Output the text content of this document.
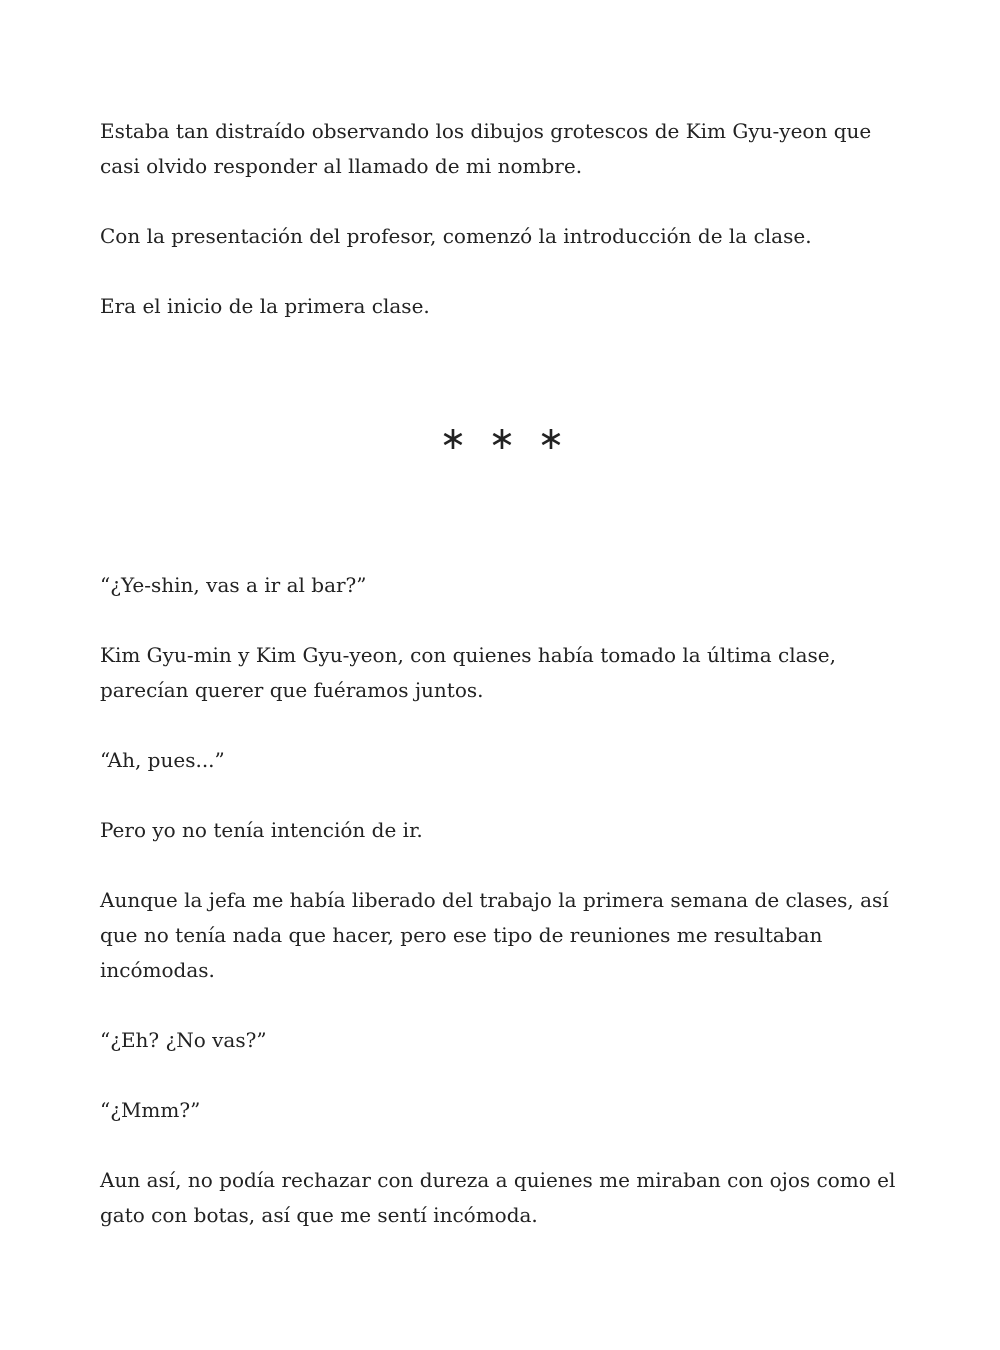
Estaba tan distraído observando los dibujos grotescos de Kim Gyu-yeon que casi olvido responder al llamado de mi nombre.

Con la presentación del profesor, comenzó la introducción de la clase.

Era el inicio de la primera clase.

∗ ∗ ∗

“¿Ye-shin, vas a ir al bar?”

Kim Gyu-min y Kim Gyu-yeon, con quienes había tomado la última clase, parecían querer que fuéramos juntos.

“Ah, pues...”

Pero yo no tenía intención de ir.

Aunque la jefa me había liberado del trabajo la primera semana de clases, así que no tenía nada que hacer, pero ese tipo de reuniones me resultaban incómodas.

“¿Eh? ¿No vas?”

“¿Mmm?”

Aun así, no podía rechazar con dureza a quienes me miraban con ojos como el gato con botas, así que me sentí incómoda.
